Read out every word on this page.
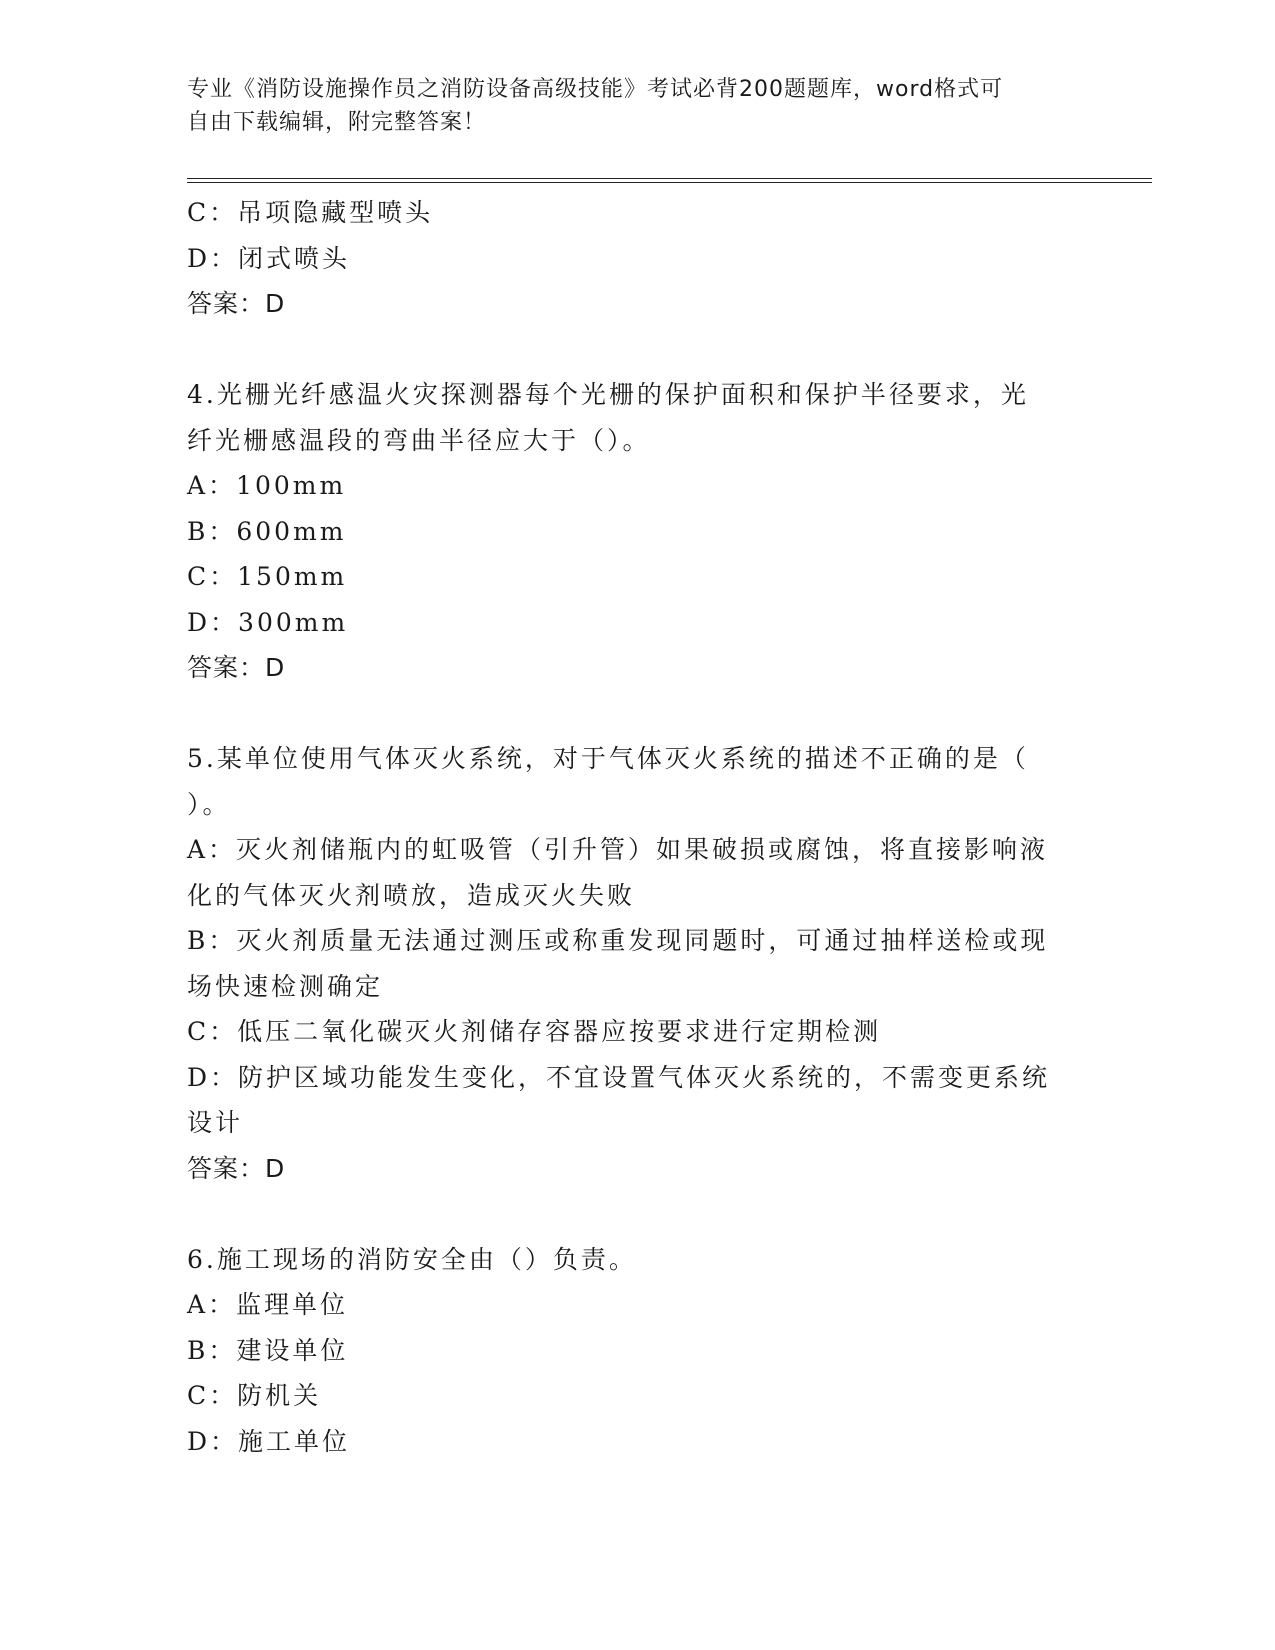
专业《消防设施操作员之消防设备高级技能》考试必背200题题库，word格式可
自由下载编辑，附完整答案！
C：吊项隐藏型喷头
D：闭式喷头
答案：D
4.光栅光纤感温火灾探测器每个光栅的保护面积和保护半径要求，光
纤光栅感温段的弯曲半径应大于（）。
A：100mm
B：600mm
C：150mm
D：300mm
答案：D
5.某单位使用气体灭火系统，对于气体灭火系统的描述不正确的是（
）。
A：灭火剂储瓶内的虹吸管（引升管）如果破损或腐蚀，将直接影响液
化的气体灭火剂喷放，造成灭火失败
B：灭火剂质量无法通过测压或称重发现同题时，可通过抽样送检或现
场快速检测确定
C：低压二氧化碳灭火剂储存容器应按要求进行定期检测
D：防护区域功能发生变化，不宜设置气体灭火系统的，不需变更系统
设计
答案：D
6.施工现场的消防安全由（）负责。
A：监理单位
B：建设单位
C：防机关
D：施工单位
